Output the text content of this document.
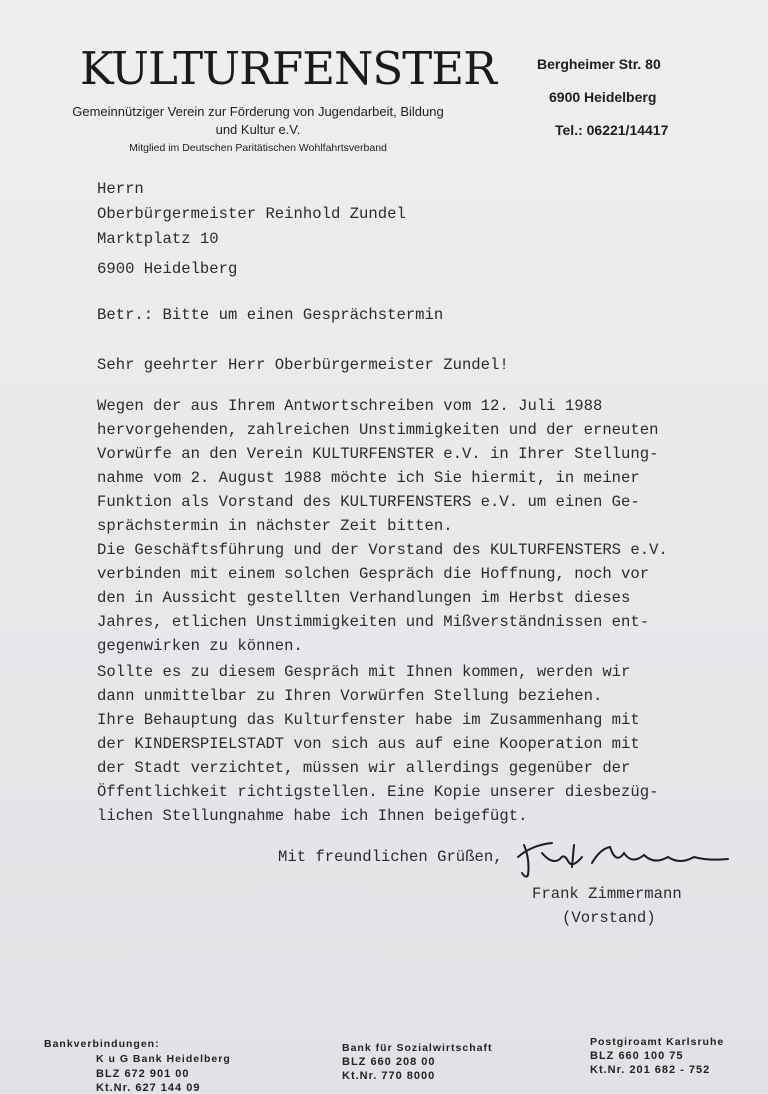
KULTURFENSTER
Gemeinnütziger Verein zur Förderung von Jugendarbeit, Bildung
und Kultur e.V.
Mitglied im Deutschen Paritätischen Wohlfahrtsverband
Bergheimer Str. 80
6900 Heidelberg
Tel.: 06221/14417
Herrn
Oberbürgermeister Reinhold Zundel
Marktplatz 10
6900 Heidelberg
Betr.: Bitte um einen Gesprächstermin
Sehr geehrter Herr Oberbürgermeister Zundel!
Wegen der aus Ihrem Antwortschreiben vom 12. Juli 1988
hervorgehenden, zahlreichen Unstimmigkeiten und der erneuten
Vorwürfe an den Verein KULTURFENSTER e.V. in Ihrer Stellung-
nahme vom 2. August 1988 möchte ich Sie hiermit, in meiner
Funktion als Vorstand des KULTURFENSTERS e.V. um einen Ge-
sprächstermin in nächster Zeit bitten.
Die Geschäftsführung und der Vorstand des KULTURFENSTERS e.V.
verbinden mit einem solchen Gespräch die Hoffnung, noch vor
den in Aussicht gestellten Verhandlungen im Herbst dieses
Jahres, etlichen Unstimmigkeiten und Mißverständnissen ent-
gegenwirken zu können.
Sollte es zu diesem Gespräch mit Ihnen kommen, werden wir
dann unmittelbar zu Ihren Vorwürfen Stellung beziehen.
Ihre Behauptung das Kulturfenster habe im Zusammenhang mit
der KINDERSPIELSTADT von sich aus auf eine Kooperation mit
der Stadt verzichtet, müssen wir allerdings gegenüber der
Öffentlichkeit richtigstellen. Eine Kopie unserer diesbezüg-
lichen Stellungnahme habe ich Ihnen beigefügt.
Mit freundlichen Grüßen,
Frank Zimmermann
(Vorstand)
Bankverbindungen:
K u G Bank Heidelberg
BLZ 672 901 00
Kt.Nr. 627 144 09
Bank für Sozialwirtschaft
BLZ 660 208 00
Kt.Nr. 770 8000
Postgiroamt Karlsruhe
BLZ 660 100 75
Kt.Nr. 201 682 - 752
